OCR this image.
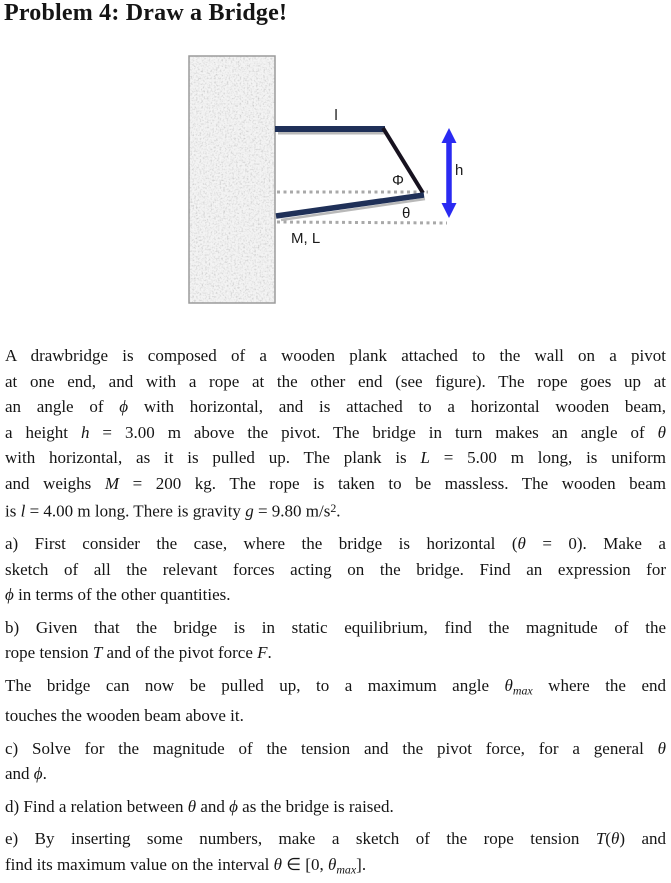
Problem 4: Draw a Bridge!
l
Φ
θ
h
M, L
A drawbridge is composed of a wooden plank attached to the wall on a pivot
at one end, and with a rope at the other end (see figure). The rope goes up at
an angle of ϕ with horizontal, and is attached to a horizontal wooden beam,
a height h = 3.00 m above the pivot. The bridge in turn makes an angle of θ
with horizontal, as it is pulled up. The plank is L = 5.00 m long, is uniform
and weighs M = 200 kg. The rope is taken to be massless. The wooden beam
is l = 4.00 m long. There is gravity g = 9.80 $m/s^2$.
a) First consider the case, where the bridge is horizontal (θ = 0). Make a
sketch of all the relevant forces acting on the bridge. Find an expression for
ϕ in terms of the other quantities.
b) Given that the bridge is in static equilibrium, find the magnitude of the
rope tension T and of the pivot force F.
The bridge can now be pulled up, to a maximum angle $\theta_{max}$ where the end
touches the wooden beam above it.
c) Solve for the magnitude of the tension and the pivot force, for a general θ
and ϕ.
d) Find a relation between θ and ϕ as the bridge is raised.
e) By inserting some numbers, make a sketch of the rope tension T(θ) and
find its maximum value on the interval θ ∈ [0, $\theta_{max}$].
